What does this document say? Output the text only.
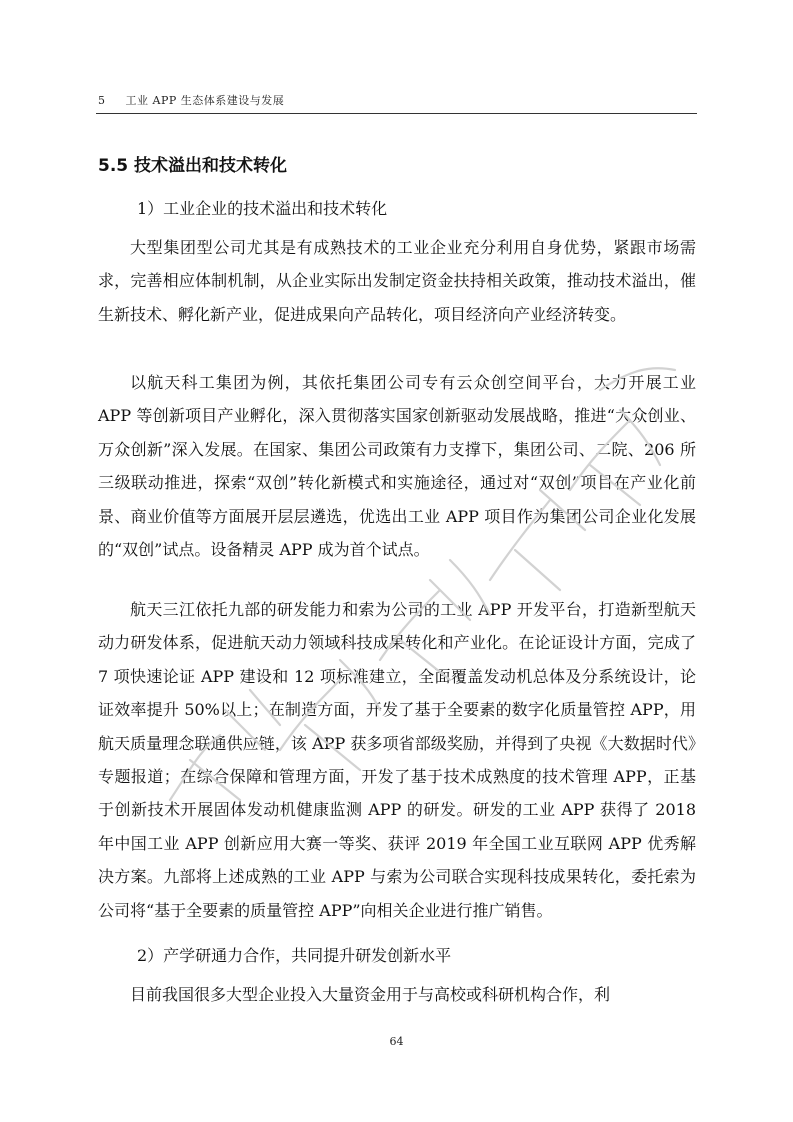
5 工业 APP 生态体系建设与发展
5.5 技术溢出和技术转化
1）工业企业的技术溢出和技术转化

大型集团型公司尤其是有成熟技术的工业企业充分利用自身优势，紧跟市场需求，完善相应体制机制，从企业实际出发制定资金扶持相关政策，推动技术溢出，催生新技术、孵化新产业，促进成果向产品转化，项目经济向产业经济转变。

以航天科工集团为例，其依托集团公司专有云众创空间平台，大力开展工业 APP 等创新项目产业孵化，深入贯彻落实国家创新驱动发展战略，推进“大众创业、万众创新”深入发展。在国家、集团公司政策有力支撑下，集团公司、二院、206 所三级联动推进，探索“双创”转化新模式和实施途径，通过对“双创”项目在产业化前景、商业价值等方面展开层层遴选，优选出工业 APP 项目作为集团公司企业化发展的“双创”试点。设备精灵 APP 成为首个试点。

航天三江依托九部的研发能力和索为公司的工业 APP 开发平台，打造新型航天动力研发体系，促进航天动力领域科技成果转化和产业化。在论证设计方面，完成了 7 项快速论证 APP 建设和 12 项标准建立，全面覆盖发动机总体及分系统设计，论证效率提升 50%以上；在制造方面，开发了基于全要素的数字化质量管控 APP，用航天质量理念联通供应链，该 APP 获多项省部级奖励，并得到了央视《大数据时代》专题报道；在综合保障和管理方面，开发了基于技术成熟度的技术管理 APP，正基于创新技术开展固体发动机健康监测 APP 的研发。研发的工业 APP 获得了 2018 年中国工业 APP 创新应用大赛一等奖、获评 2019 年全国工业互联网 APP 优秀解决方案。九部将上述成熟的工业 APP 与索为公司联合实现科技成果转化，委托索为公司将“基于全要素的质量管控 APP”向相关企业进行推广销售。

2）产学研通力合作，共同提升研发创新水平

目前我国很多大型企业投入大量资金用于与高校或科研机构合作，利

64
